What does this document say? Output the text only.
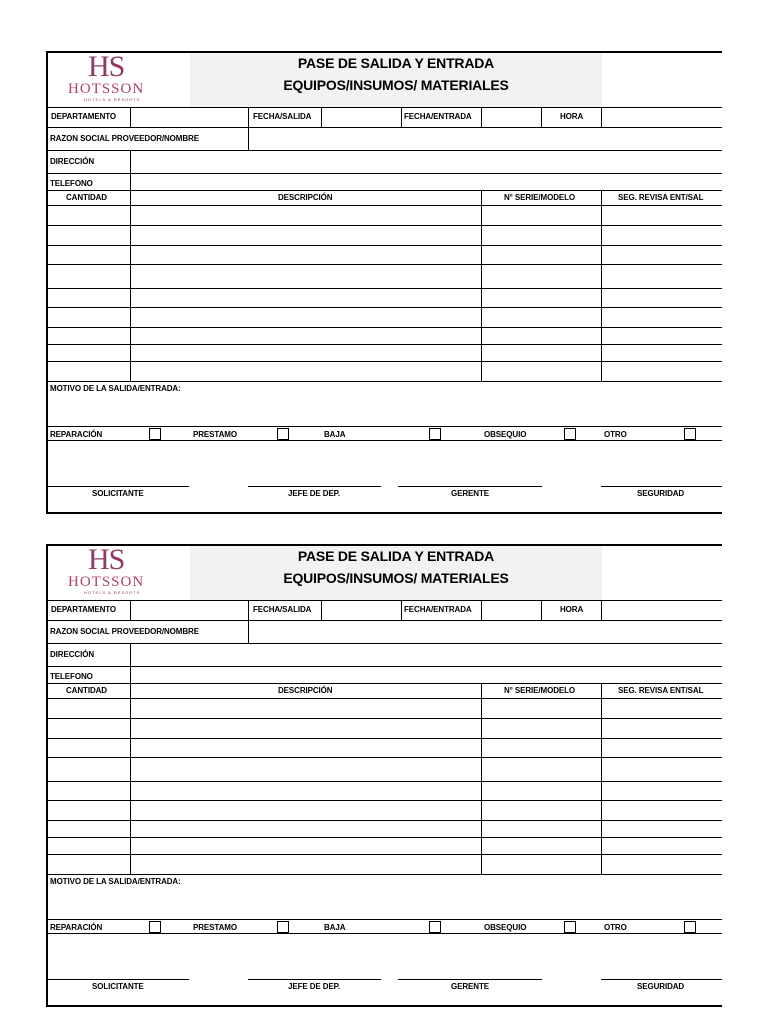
HS
HOTSSON
HOTELS & RESORTS
PASE DE SALIDA Y ENTRADA
EQUIPOS/INSUMOS/ MATERIALES
DEPARTAMENTO	FECHA/SALIDA	FECHA/ENTRADA	HORA
RAZON SOCIAL PROVEEDOR/NOMBRE
DIRECCIÓN
TELEFONO
CANTIDAD	DESCRIPCIÓN	N° SERIE/MODELO	SEG. REVISA ENT/SAL
MOTIVO DE LA SALIDA/ENTRADA:
REPARACIÓN	PRESTAMO	BAJA	OBSEQUIO	OTRO
SOLICITANTE	JEFE DE DEP.	GERENTE	SEGURIDAD
HS
HOTSSON
HOTELS & RESORTS
PASE DE SALIDA Y ENTRADA
EQUIPOS/INSUMOS/ MATERIALES
DEPARTAMENTO	FECHA/SALIDA	FECHA/ENTRADA	HORA
RAZON SOCIAL PROVEEDOR/NOMBRE
DIRECCIÓN
TELEFONO
CANTIDAD	DESCRIPCIÓN	N° SERIE/MODELO	SEG. REVISA ENT/SAL
MOTIVO DE LA SALIDA/ENTRADA:
REPARACIÓN	PRESTAMO	BAJA	OBSEQUIO	OTRO
SOLICITANTE	JEFE DE DEP.	GERENTE	SEGURIDAD
